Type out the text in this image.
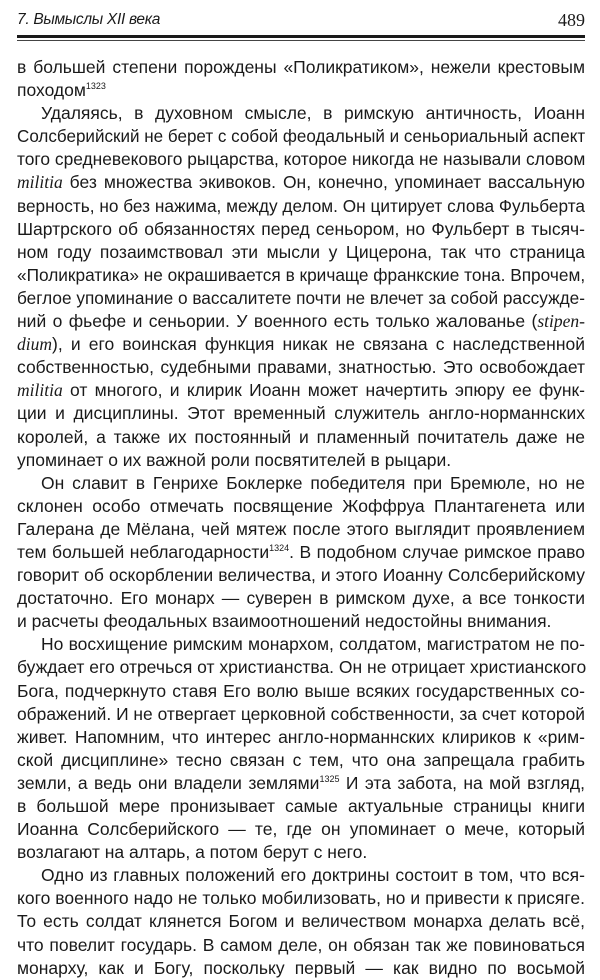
7. Вымыслы XII века	489
в большей степени порождены «Поликратиком», нежели крестовым
походом$^{1323}$
Удаляясь, в духовном смысле, в римскую античность, Иоанн
Солсберийский не берет с собой феодальный и сеньориальный аспект
того средневекового рыцарства, которое никогда не называли словом
militia без множества экивоков. Он, конечно, упоминает вассальную
верность, но без нажима, между делом. Он цитирует слова Фульберта
Шартрского об обязанностях перед сеньором, но Фульберт в тысяч-
ном году позаимствовал эти мысли у Цицерона, так что страница
«Поликратика» не окрашивается в кричаще франкские тона. Впрочем,
беглое упоминание о вассалитете почти не влечет за собой рассужде-
ний о фьефе и сеньории. У военного есть только жалованье (stipen-
dium), и его воинская функция никак не связана с наследственной
собственностью, судебными правами, знатностью. Это освобождает
militia от многого, и клирик Иоанн может начертить эпюру ее функ-
ции и дисциплины. Этот временный служитель англо-норманнских
королей, а также их постоянный и пламенный почитатель даже не
упоминает о их важной роли посвятителей в рыцари.
Он славит в Генрихе Боклерке победителя при Бремюле, но не
склонен особо отмечать посвящение Жоффруа Плантагенета или
Галерана де Мёлана, чей мятеж после этого выглядит проявлением
тем большей неблагодарности$^{1324}$. В подобном случае римское право
говорит об оскорблении величества, и этого Иоанну Солсберийскому
достаточно. Его монарх — суверен в римском духе, а все тонкости
и расчеты феодальных взаимоотношений недостойны внимания.
Но восхищение римским монархом, солдатом, магистратом не по-
буждает его отречься от христианства. Он не отрицает христианского
Бога, подчеркнуто ставя Его волю выше всяких государственных со-
ображений. И не отвергает церковной собственности, за счет которой
живет. Напомним, что интерес англо-норманнских клириков к «рим-
ской дисциплине» тесно связан с тем, что она запрещала грабить
земли, а ведь они владели землями$^{1325}$ И эта забота, на мой взгляд,
в большой мере пронизывает самые актуальные страницы книги
Иоанна Солсберийского — те, где он упоминает о мече, который
возлагают на алтарь, а потом берут с него.
Одно из главных положений его доктрины состоит в том, что вся-
кого военного надо не только мобилизовать, но и привести к присяге.
То есть солдат клянется Богом и величеством монарха делать всё,
что повелит государь. В самом деле, он обязан так же повиноваться
монарху, как и Богу, поскольку первый — как видно по восьмой
